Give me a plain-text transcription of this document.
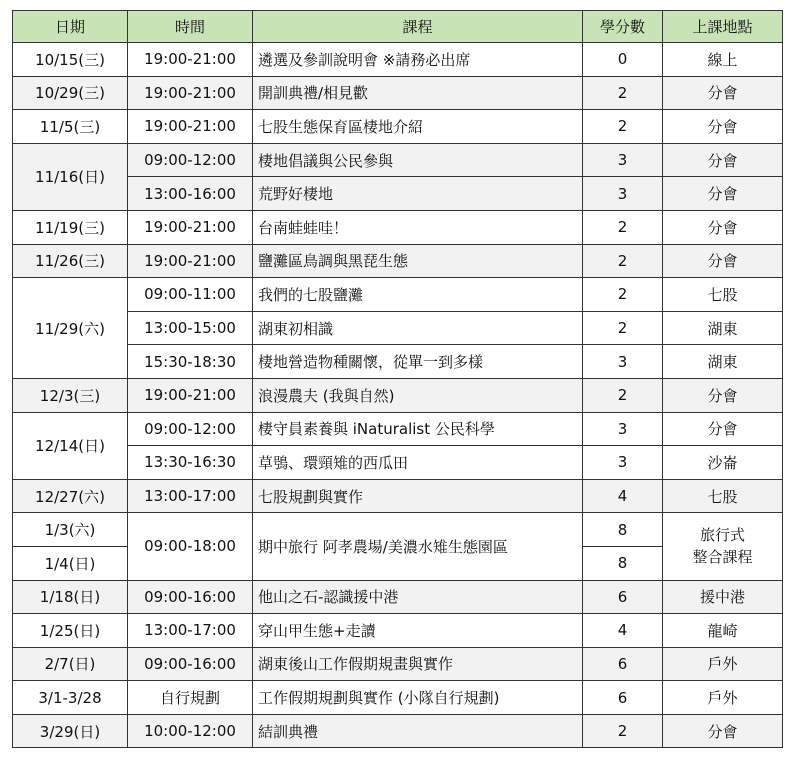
日期	時間	課程	學分數	上課地點
10/15(三)	19:00-21:00	遴選及參訓說明會 ※請務必出席	0	線上
10/29(三)	19:00-21:00	開訓典禮/相見歡	2	分會
11/5(三)	19:00-21:00	七股生態保育區棲地介紹	2	分會
11/16(日)	09:00-12:00	棲地倡議與公民參與	3	分會
	13:00-16:00	荒野好棲地	3	分會
11/19(三)	19:00-21:00	台南蛙蛙哇！	2	分會
11/26(三)	19:00-21:00	鹽灘區鳥調與黑琵生態	2	分會
11/29(六)	09:00-11:00	我們的七股鹽灘	2	七股
	13:00-15:00	湖東初相識	2	湖東
	15:30-18:30	棲地營造物種關懷，從單一到多樣	3	湖東
12/3(三)	19:00-21:00	浪漫農夫 (我與自然)	2	分會
12/14(日)	09:00-12:00	棲守員素養與 iNaturalist 公民科學	3	分會
	13:30-16:30	草鴞、環頸雉的西瓜田	3	沙崙
12/27(六)	13:00-17:00	七股規劃與實作	4	七股
1/3(六)	09:00-18:00	期中旅行 阿孝農場/美濃水雉生態園區	8	旅行式
整合課程
1/4(日)			8	
1/18(日)	09:00-16:00	他山之石-認識援中港	6	援中港
1/25(日)	13:00-17:00	穿山甲生態+走讀	4	龍崎
2/7(日)	09:00-16:00	湖東後山工作假期規畫與實作	6	戶外
3/1-3/28	自行規劃	工作假期規劃與實作 (小隊自行規劃)	6	戶外
3/29(日)	10:00-12:00	結訓典禮	2	分會
